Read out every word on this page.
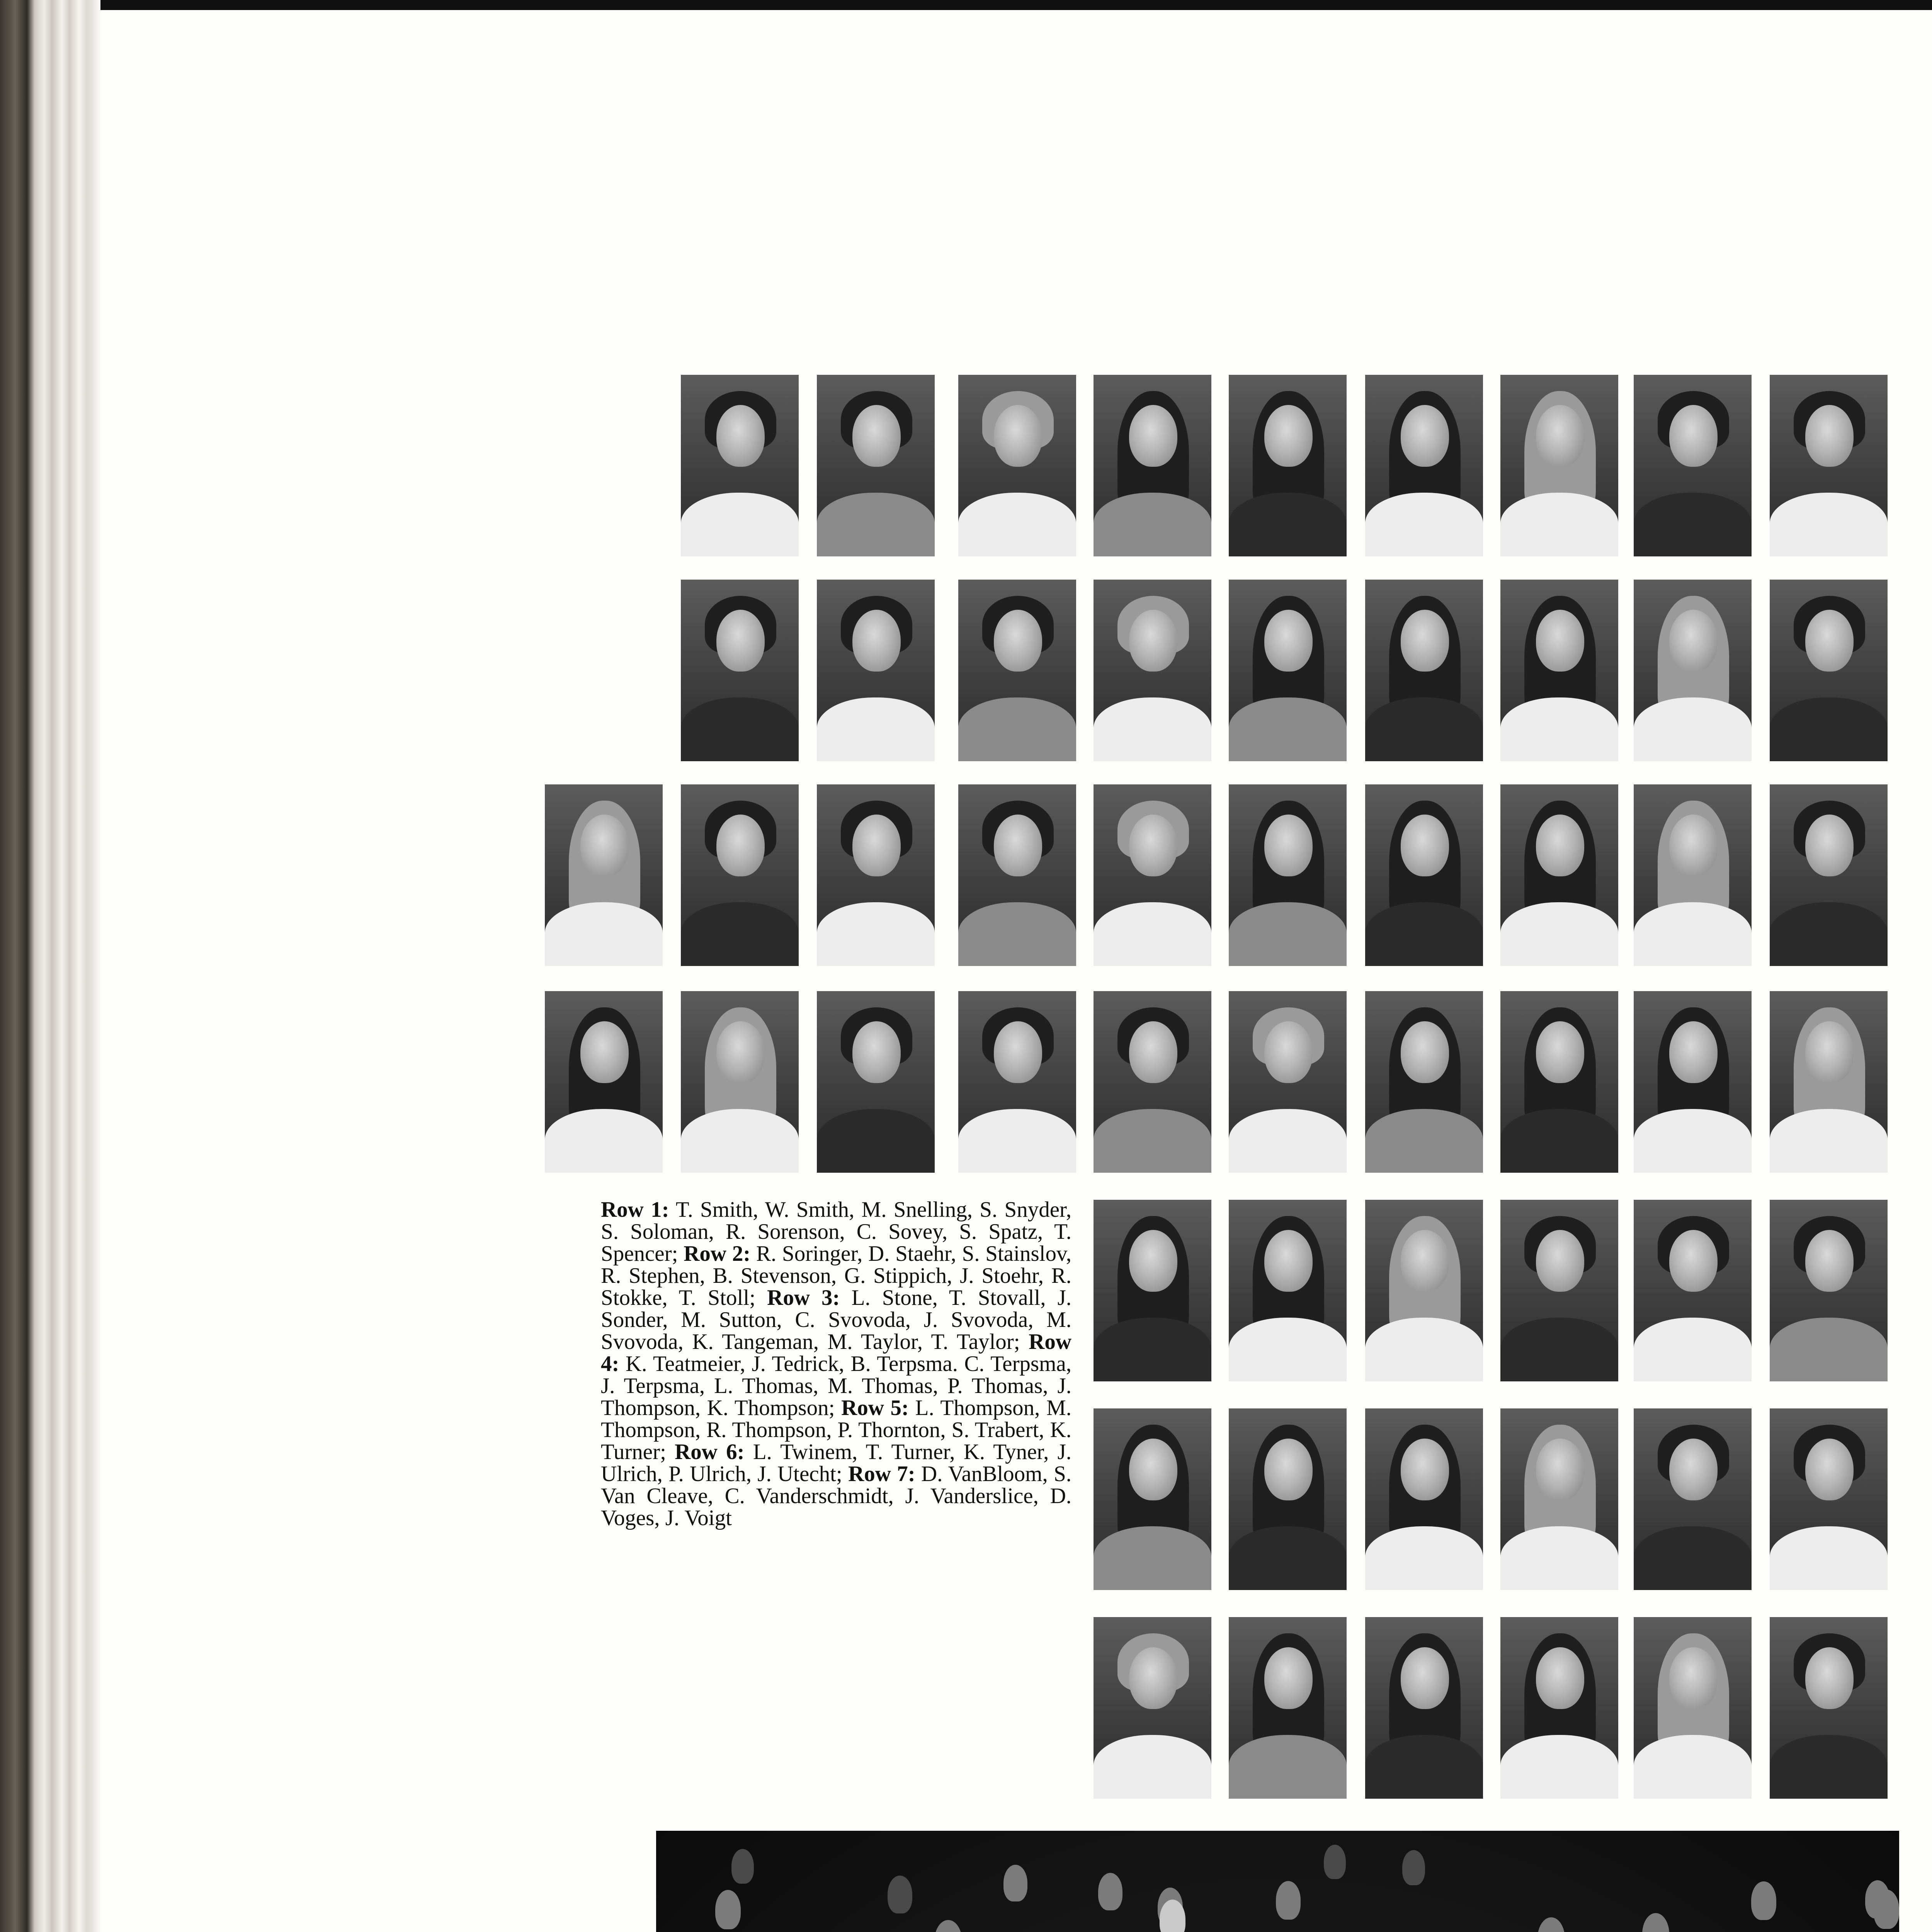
Row 1: T. Smith, W. Smith, M. Snelling, S. Snyder, S. Soloman, R. Sorenson, C. Sovey, S. Spatz, T. Spencer; Row 2: R. Soringer, D. Staehr, S. Stainslov, R. Stephen, B. Stevenson, G. Stippich, J. Stoehr, R. Stokke, T. Stoll; Row 3: L. Stone, T. Stovall, J. Sonder, M. Sutton, C. Svovoda, J. Svovoda, M. Svovoda, K. Tangeman, M. Taylor, T. Taylor; Row 4: K. Teatmeier, J. Tedrick, B. Terpsma. C. Terpsma, J. Terpsma, L. Thomas, M. Thomas, P. Thomas, J. Thompson, K. Thompson; Row 5: L. Thompson, M. Thompson, R. Thompson, P. Thornton, S. Trabert, K. Turner; Row 6: L. Twinem, T. Turner, K. Tyner, J. Ulrich, P. Ulrich, J. Utecht; Row 7: D. VanBloom, S. Van Cleave, C. Vanderschmidt, J. Vanderslice, D. Voges, J. Voigt
